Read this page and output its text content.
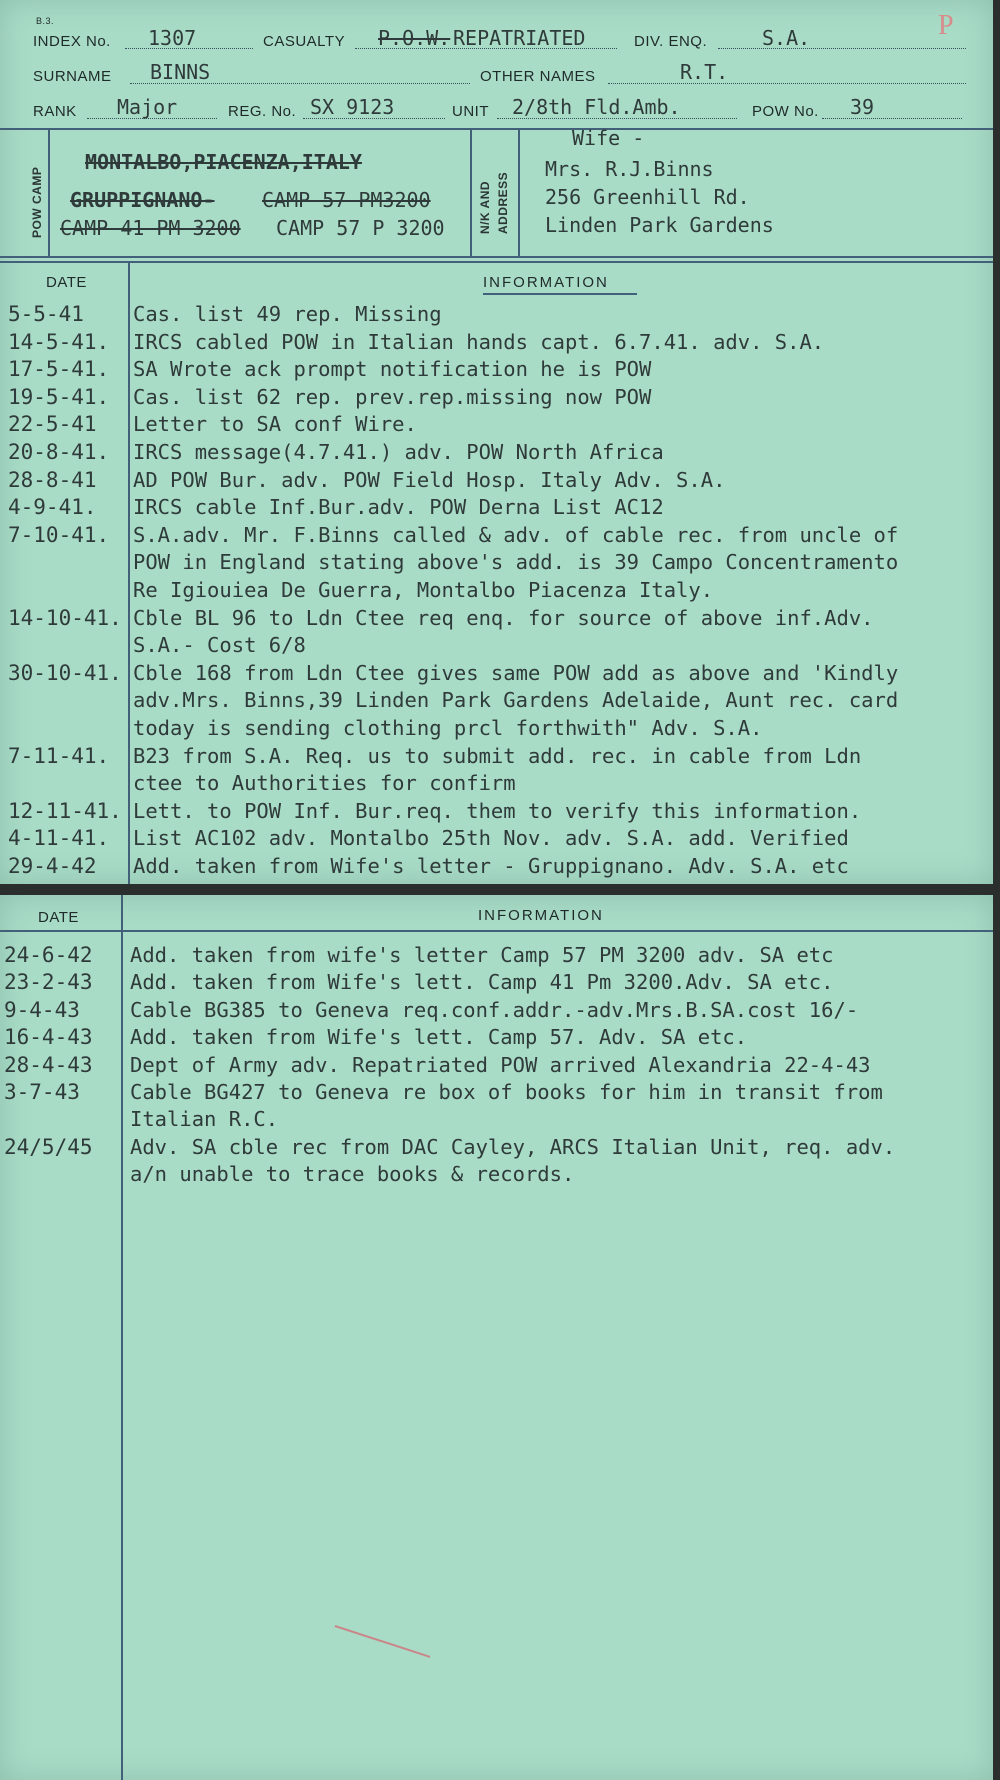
B.3.
INDEX No. 1307	CASUALTY P.O.W. REPATRIATED	DIV. ENQ.	S.A.	P
SURNAME BINNS	OTHER NAMES	R.T.
RANK Major	REG. No. SX 9123	UNIT 2/8th Fld.Amb.	POW No. 39
POW CAMP
MONTALBO,PIACENZA,ITALY
GRUPPIGNANO- CAMP 57 PM3200
CAMP 41 PM 3200 CAMP 57 P 3200	N/K AND ADDRESS
Wife -
Mrs. R.J.Binns
256 Greenhill Rd.
Linden Park Gardens
DATE	INFORMATION
5-5-41 Cas. list 49 rep. Missing
14-5-41. IRCS cabled POW in Italian hands capt. 6.7.41. adv. S.A.
17-5-41. SA Wrote ack prompt notification he is POW
19-5-41. Cas. list 62 rep. prev.rep.missing now POW
22-5-41 Letter to SA conf Wire.
20-8-41. IRCS message(4.7.41.) adv. POW North Africa
28-8-41 AD POW Bur. adv. POW Field Hosp. Italy Adv. S.A.
4-9-41. IRCS cable Inf.Bur.adv. POW Derna List AC12
7-10-41. S.A.adv. Mr. F.Binns called & adv. of cable rec. from uncle of
POW in England stating above's add. is 39 Campo Concentramento
Re Igiouiea De Guerra, Montalbo Piacenza Italy.
14-10-41. Cble BL 96 to Ldn Ctee req enq. for source of above inf.Adv.
S.A.- Cost 6/8
30-10-41. Cble 168 from Ldn Ctee gives same POW add as above and 'Kindly
adv.Mrs. Binns,39 Linden Park Gardens Adelaide, Aunt rec. card
today is sending clothing prcl forthwith" Adv. S.A.
7-11-41. B23 from S.A. Req. us to submit add. rec. in cable from Ldn
ctee to Authorities for confirm
12-11-41. Lett. to POW Inf. Bur.req. them to verify this information.
4-11-41. List AC102 adv. Montalbo 25th Nov. adv. S.A. add. Verified
29-4-42 Add. taken from Wife's letter - Gruppignano. Adv. S.A. etc
DATE	INFORMATION
24-6-42 Add. taken from wife's letter Camp 57 PM 3200 adv. SA etc
23-2-43 Add. taken from Wife's lett. Camp 41 Pm 3200.Adv. SA etc.
9-4-43 Cable BG385 to Geneva req.conf.addr.-adv.Mrs.B.SA.cost 16/-
16-4-43 Add. taken from Wife's lett. Camp 57. Adv. SA etc.
28-4-43 Dept of Army adv. Repatriated POW arrived Alexandria 22-4-43
3-7-43 Cable BG427 to Geneva re box of books for him in transit from
Italian R.C.
24/5/45 Adv. SA cble rec from DAC Cayley, ARCS Italian Unit, req. adv.
a/n unable to trace books & records.
